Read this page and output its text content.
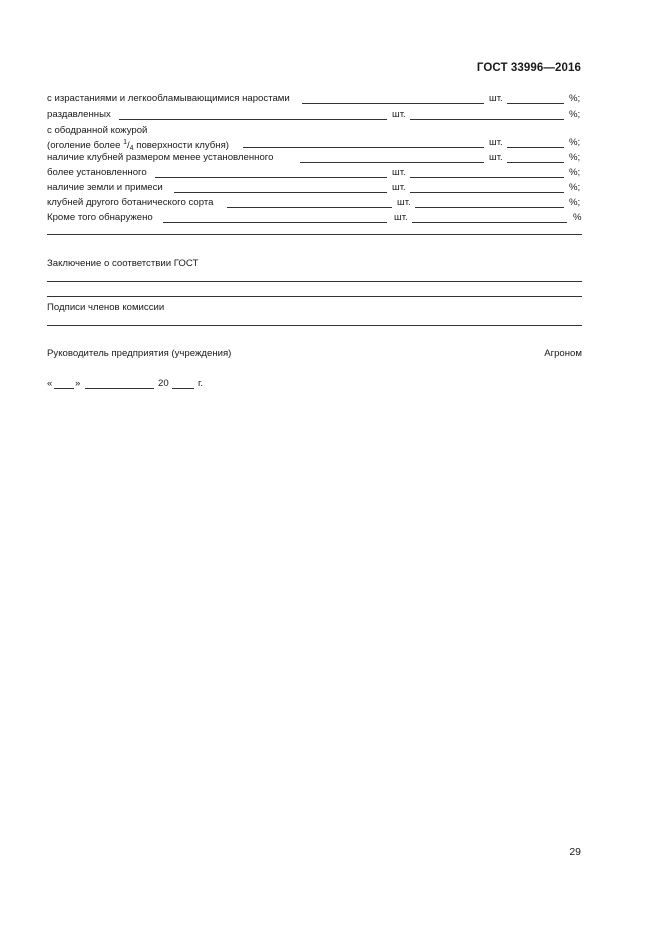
ГОСТ 33996—2016
с израстаниями и легкообламывающимися наростами	шт.	%;
раздавленных	шт.	%;
с ободранной кожурой
(оголение более $^1/_4$ поверхности клубня)	шт.	%;
наличие клубней размером менее установленного	шт.	%;
более установленного	шт.	%;
наличие земли и примеси	шт.	%;
клубней другого ботанического сорта	шт.	%;
Кроме того обнаружено	шт.	%
Заключение о соответствии ГОСТ
Подписи членов комиссии
Руководитель предприятия (учреждения)	Агроном
« »	20	г.
29
